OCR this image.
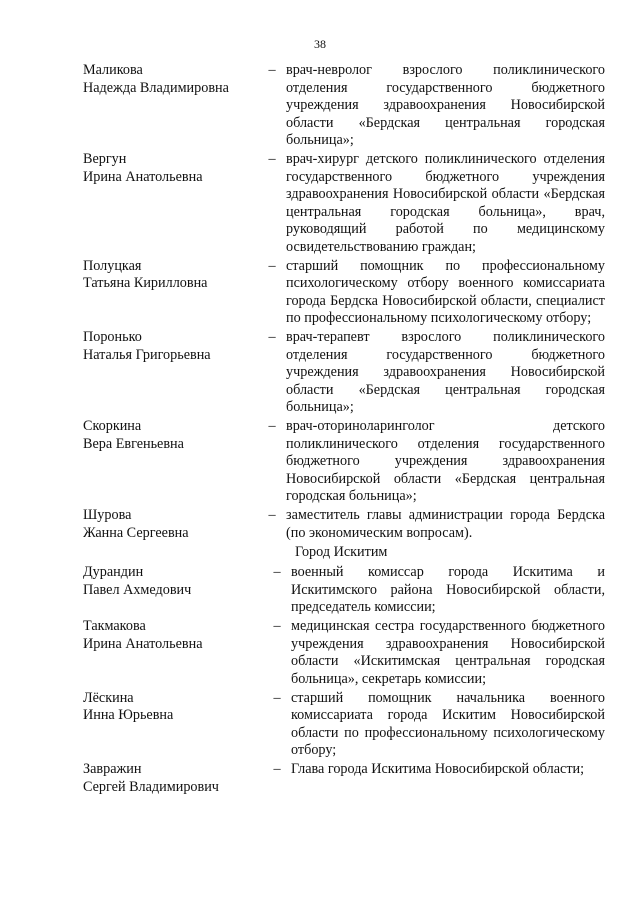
38
Маликова
Надежда Владимировна
– врач-невролог взрослого поликлинического отделения государственного бюджетного учреждения здравоохранения Новосибирской области «Бердская центральная городская больница»;
Вергун
Ирина Анатольевна
– врач-хирург детского поликлинического отделения государственного бюджетного учреждения здравоохранения Новосибирской области «Бердская центральная городская больница», врач, руководящий работой по медицинскому освидетельствованию граждан;
Полуцкая
Татьяна Кирилловна
– старший помощник по профессиональному психологическому отбору военного комиссариата города Бердска Новосибирской области, специалист по профессиональному психологическому отбору;
Поронько
Наталья Григорьевна
– врач-терапевт взрослого поликлинического отделения государственного бюджетного учреждения здравоохранения Новосибирской области «Бердская центральная городская больница»;
Скоркина
Вера Евгеньевна
– врач-оториноларинголог детского поликлинического отделения государственного бюджетного учреждения здравоохранения Новосибирской области «Бердская центральная городская больница»;
Шурова
Жанна Сергеевна
– заместитель главы администрации города Бердска (по экономическим вопросам).
Город Искитим
Дурандин
Павел Ахмедович
– военный комиссар города Искитима и Искитимского района Новосибирской области, председатель комиссии;
Такмакова
Ирина Анатольевна
– медицинская сестра государственного бюджетного учреждения здравоохранения Новосибирской области «Искитимская центральная городская больница», секретарь комиссии;
Лёскина
Инна Юрьевна
– старший помощник начальника военного комиссариата города Искитим Новосибирской области по профессиональному психологическому отбору;
Завражин
Сергей Владимирович
– Глава города Искитима Новосибирской области;
